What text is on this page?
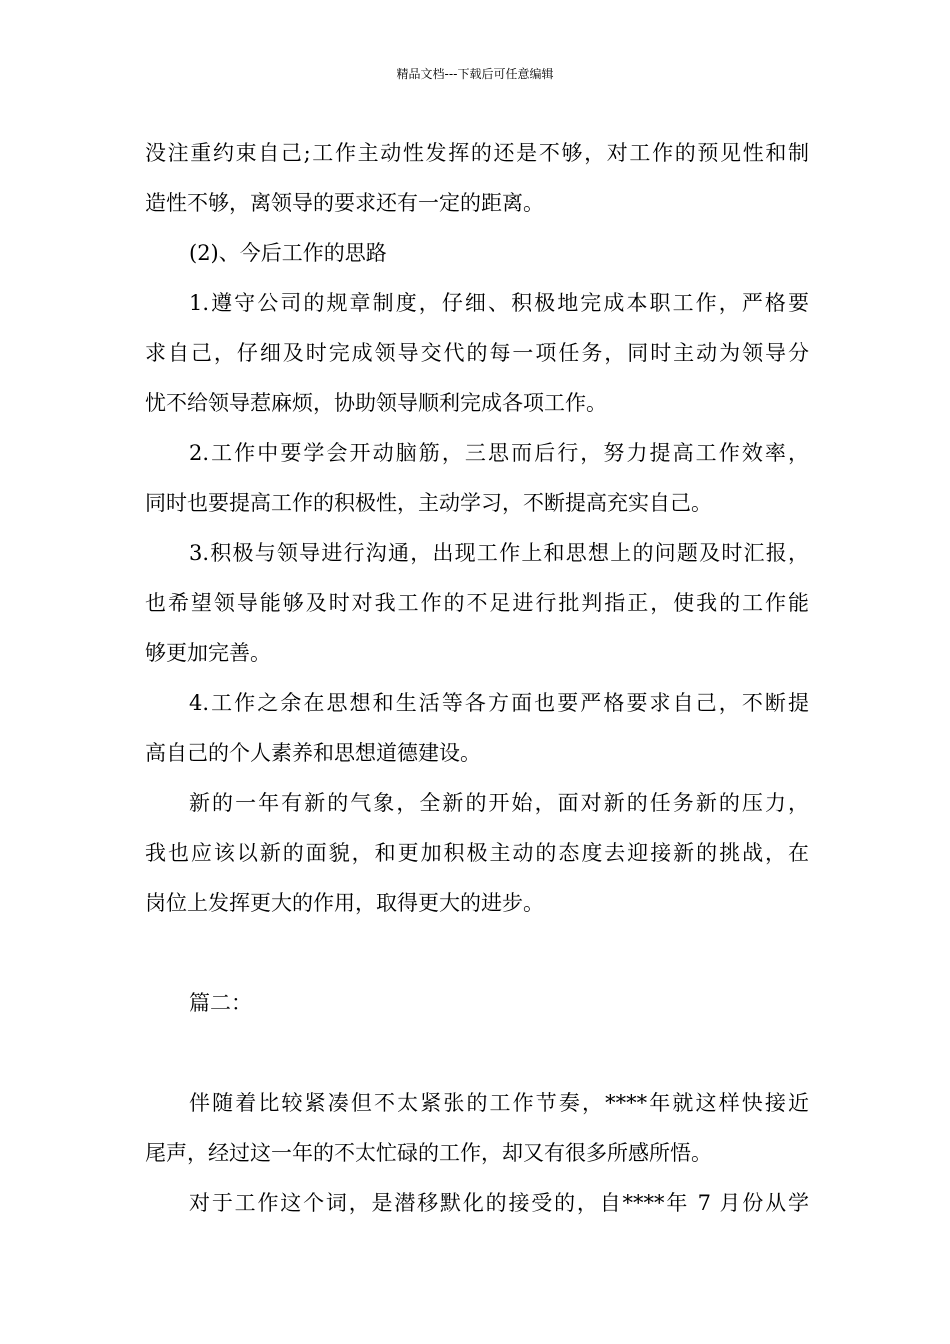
精品文档---下载后可任意编辑
没注重约束自己;工作主动性发挥的还是不够，对工作的预见性和制
造性不够，离领导的要求还有一定的距离。
(2)、今后工作的思路
1.遵守公司的规章制度，仔细、积极地完成本职工作，严格要
求自己，仔细及时完成领导交代的每一项任务，同时主动为领导分
忧不给领导惹麻烦，协助领导顺利完成各项工作。
2.工作中要学会开动脑筋，三思而后行，努力提高工作效率，
同时也要提高工作的积极性，主动学习，不断提高充实自己。
3.积极与领导进行沟通，出现工作上和思想上的问题及时汇报，
也希望领导能够及时对我工作的不足进行批判指正，使我的工作能
够更加完善。
4.工作之余在思想和生活等各方面也要严格要求自己，不断提
高自己的个人素养和思想道德建设。
新的一年有新的气象，全新的开始，面对新的任务新的压力，
我也应该以新的面貌，和更加积极主动的态度去迎接新的挑战，在
岗位上发挥更大的作用，取得更大的进步。
篇二：
伴随着比较紧凑但不太紧张的工作节奏，****年就这样快接近
尾声，经过这一年的不太忙碌的工作，却又有很多所感所悟。
对于工作这个词，是潜移默化的接受的，自****年 7 月份从学
